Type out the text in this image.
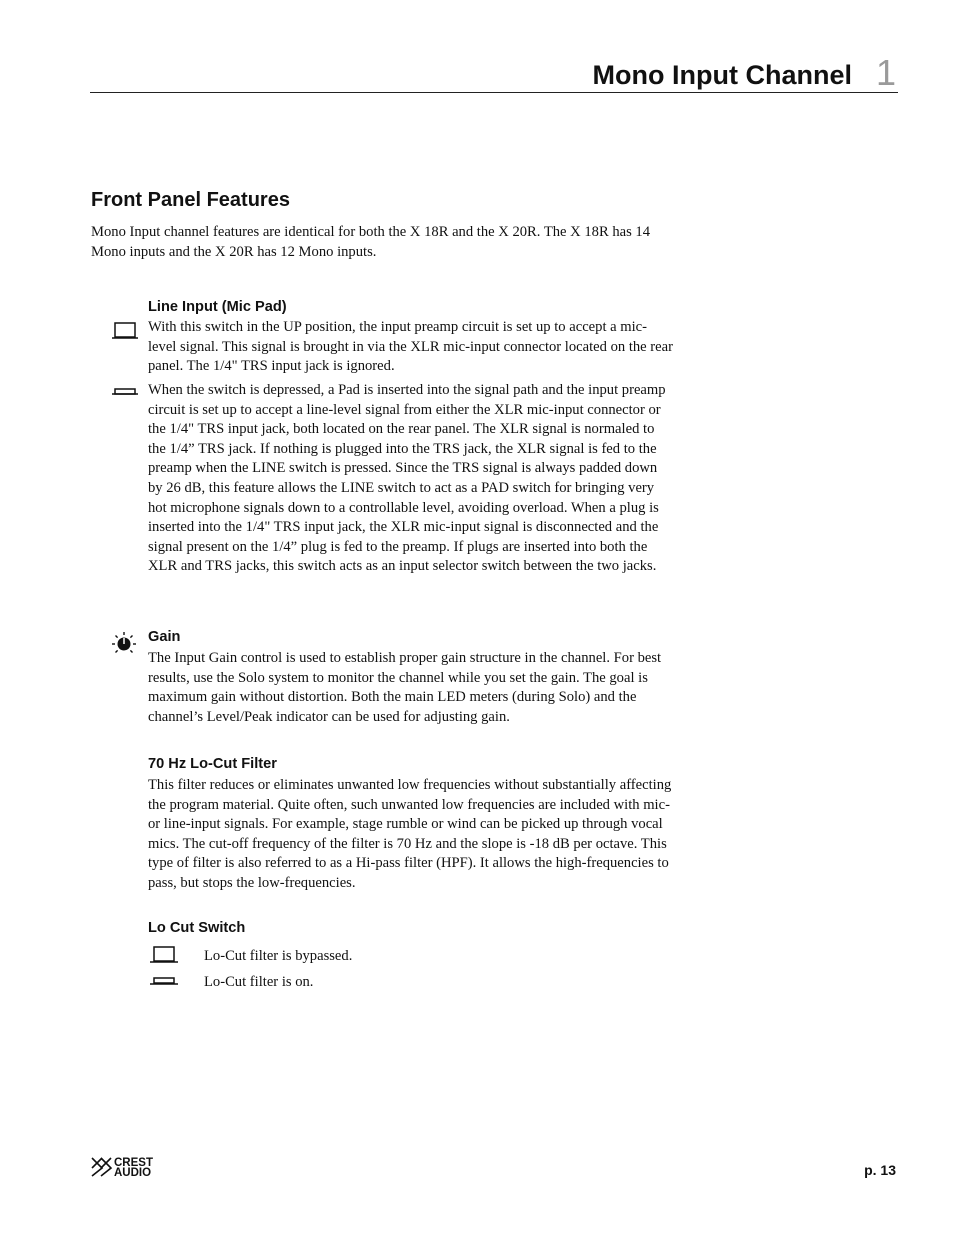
Mono Input Channel 1
Front Panel Features
Mono Input channel features are identical for both the X 18R and the X 20R. The X 18R has 14 Mono inputs and the X 20R has 12 Mono inputs.
Line Input (Mic Pad)
With this switch in the UP position, the input preamp circuit is set up to accept a mic-level signal. This signal is brought in via the XLR mic-input connector located on the rear panel. The 1/4" TRS input jack is ignored.
When the switch is depressed, a Pad is inserted into the signal path and the input preamp circuit is set up to accept a line-level signal from either the XLR mic-input connector or the 1/4" TRS input jack, both located on the rear panel. The XLR signal is normaled to the 1/4” TRS jack. If nothing is plugged into the TRS jack, the XLR signal is fed to the preamp when the LINE switch is pressed. Since the TRS signal is always padded down by 26 dB, this feature allows the LINE switch to act as a PAD switch for bringing very hot microphone signals down to a controllable level, avoiding overload. When a plug is inserted into the 1/4" TRS input jack, the XLR mic-input signal is disconnected and the signal present on the 1/4” plug is fed to the preamp. If plugs are inserted into both the XLR and TRS jacks, this switch acts as an input selector switch between the two jacks.
Gain
The Input Gain control is used to establish proper gain structure in the channel. For best results, use the Solo system to monitor the channel while you set the gain. The goal is maximum gain without distortion. Both the main LED meters (during Solo) and the channel’s Level/Peak indicator can be used for adjusting gain.
70 Hz Lo-Cut Filter
This filter reduces or eliminates unwanted low frequencies without substantially affecting the program material. Quite often, such unwanted low frequencies are included with mic- or line-input signals. For example, stage rumble or wind can be picked up through vocal mics. The cut-off frequency of the filter is 70 Hz and the slope is -18 dB per octave. This type of filter is also referred to as a Hi-pass filter (HPF). It allows the high-frequencies to pass, but stops the low-frequencies.
Lo Cut Switch
Lo-Cut filter is bypassed.
Lo-Cut filter is on.
CREST
AUDIO	p. 13
